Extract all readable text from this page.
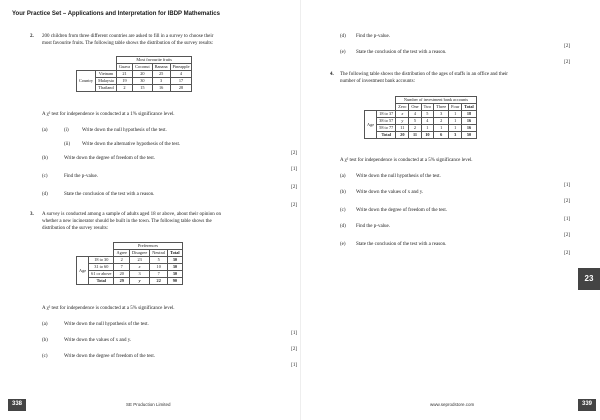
Your Practice Set – Applications and Interpretation for IBDP Mathematics
2. 200 children from three different countries are asked to fill in a survey to choose their
most favourite fruits. The following table shows the distribution of the survey results:
		Most favourite fruits			
		Guava	Coconut	Banana	Pineapple
Country	Vietnam	21	20	25	4
	Malaysia	19	30	3	17
	Thailand	2	15	16	28
A χ² test for independence is conducted at a 1% significance level.
(a)	(i)	Write down the null hypothesis of the test.
(ii) Write down the alternative hypothesis of the test.
[2]
(b)	Write down the degree of freedom of the test.
[1]
(c)	Find the p-value.
[2]
(d)	State the conclusion of the test with a reason.
[2]
3. A survey is conducted among a sample of adults aged 18 or above, about their opinion on
whether a new incinerator should be built in the town. The following table shows the
distribution of the survey results:
		Preferences			
		Agree	Disagree	Neutral	Total
Age	18 to 30	2	23	5	30
	31 to 60	7	x	10	30
	61 or above	20	3	7	30
	Total	29	y	22	90
A χ² test for independence is conducted at a 5% significance level.
(a)	Write down the null hypothesis of the test.
[1]
(b)	Write down the values of x and y.
[2]
(c)	Write down the degree of freedom of the test.
[1]
(d) Find the p-value.
[2]
(e) State the conclusion of the test with a reason.
[2]
4. The following table shows the distribution of the ages of staffs in an office and their
number of investment bank accounts:
		Number of investment bank accounts					
		Zero	One	Two	Three	Four	Total
Age	18 to 37	x	4	5	3	1	18
	38 to 57	y	5	4	2	1	16
	58 to 77	11	2	1	1	1	16
	Total	20	11	10	6	3	50
A χ² test for independence is conducted at a 5% significance level.
(a) Write down the null hypothesis of the test.
[1]
(b) Write down the values of x and y.
[2]
(c) Write down the degree of freedom of the test.
[1]
(d) Find the p-value.
[2]
(e) State the conclusion of the test with a reason.
[2]
23
338	SE Production Limited	www.seprodstore.com	339
